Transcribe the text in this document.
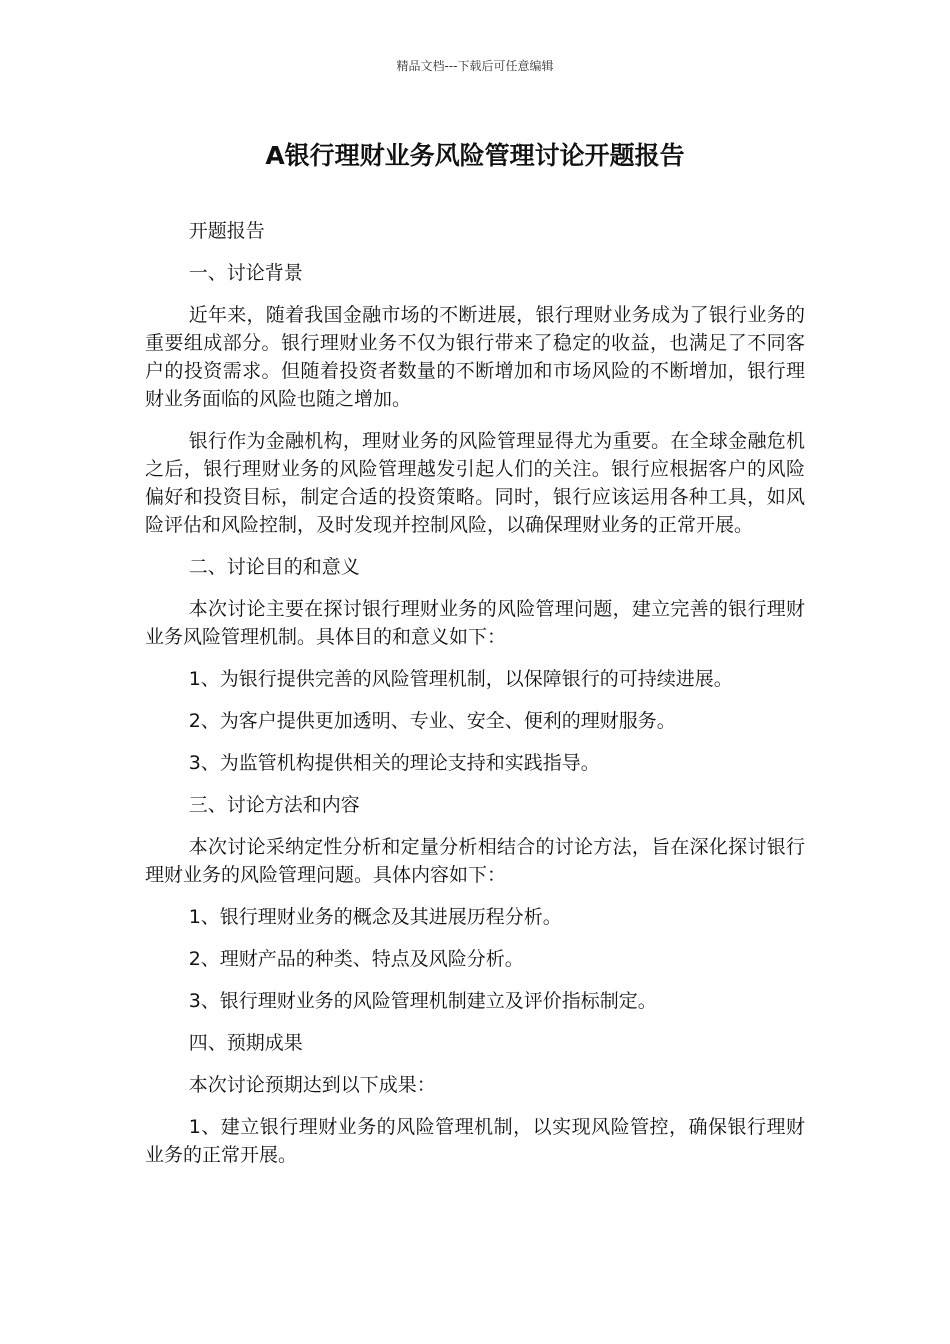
精品文档---下载后可任意编辑
A银行理财业务风险管理讨论开题报告

开题报告

一、讨论背景

近年来，随着我国金融市场的不断进展，银行理财业务成为了银行业务的重要组成部分。银行理财业务不仅为银行带来了稳定的收益，也满足了不同客户的投资需求。但随着投资者数量的不断增加和市场风险的不断增加，银行理财业务面临的风险也随之增加。

银行作为金融机构，理财业务的风险管理显得尤为重要。在全球金融危机之后，银行理财业务的风险管理越发引起人们的关注。银行应根据客户的风险偏好和投资目标，制定合适的投资策略。同时，银行应该运用各种工具，如风险评估和风险控制，及时发现并控制风险，以确保理财业务的正常开展。

二、讨论目的和意义

本次讨论主要在探讨银行理财业务的风险管理问题，建立完善的银行理财业务风险管理机制。具体目的和意义如下：

1、为银行提供完善的风险管理机制，以保障银行的可持续进展。

2、为客户提供更加透明、专业、安全、便利的理财服务。

3、为监管机构提供相关的理论支持和实践指导。

三、讨论方法和内容

本次讨论采纳定性分析和定量分析相结合的讨论方法，旨在深化探讨银行理财业务的风险管理问题。具体内容如下：

1、银行理财业务的概念及其进展历程分析。

2、理财产品的种类、特点及风险分析。

3、银行理财业务的风险管理机制建立及评价指标制定。

四、预期成果

本次讨论预期达到以下成果：

1、建立银行理财业务的风险管理机制，以实现风险管控，确保银行理财业务的正常开展。
